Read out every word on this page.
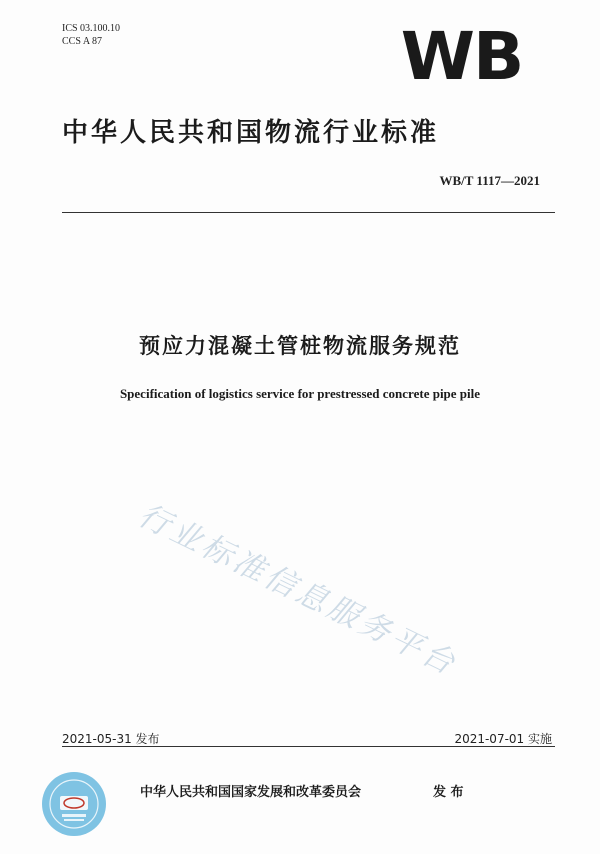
ICS 03.100.10
CCS A 87	WB
中华人民共和国物流行业标准
WB/T 1117—2021
预应力混凝土管桩物流服务规范
Specification of logistics service for prestressed concrete pipe pile
行业标准信息服务平台
2021-05-31 发布	2021-07-01 实施
中华人民共和国国家发展和改革委员会	发 布
